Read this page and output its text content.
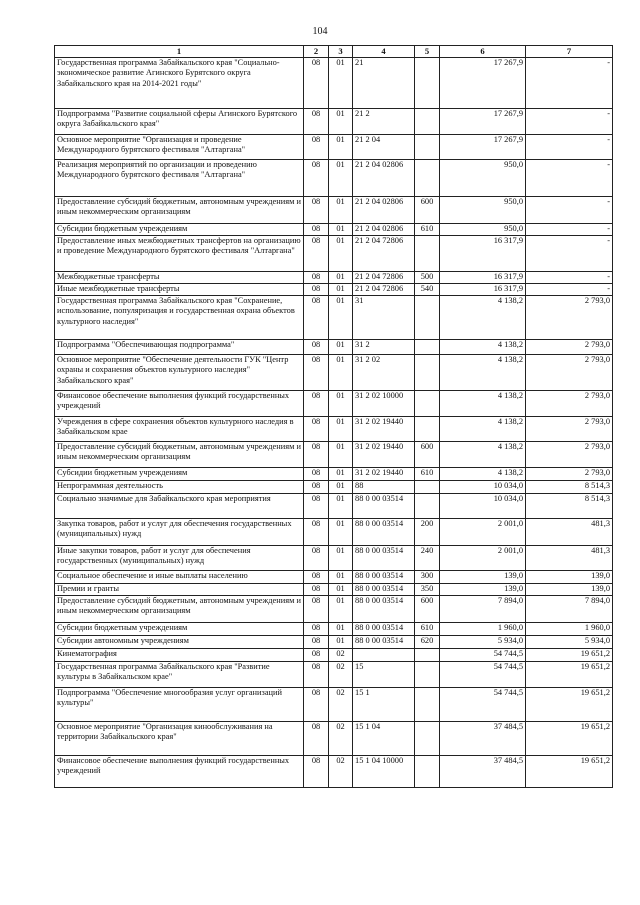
104
1	2	3	4	5	6	7
Государственная программа Забайкальского края "Социально-экономическое развитие Агинского Бурятского округа Забайкальского края на 2014-2021 годы"	08	01	21		17 267,9	-
Подпрограмма "Развитие социальной сферы Агинского Бурятского округа Забайкальского края"	08	01	21 2		17 267,9	-
Основное мероприятие "Организация и проведение Международного бурятского фестиваля "Алтаргана"	08	01	21 2 04		17 267,9	-
Реализация мероприятий по организации и проведению Международного бурятского фестиваля "Алтаргана"	08	01	21 2 04 02806		950,0	-
Предоставление субсидий бюджетным, автономным учреждениям и иным некоммерческим организациям	08	01	21 2 04 02806	600	950,0	-
Субсидии бюджетным учреждениям	08	01	21 2 04 02806	610	950,0	-
Предоставление иных межбюджетных трансфертов на организацию и проведение Международного бурятского фестиваля "Алтаргана"	08	01	21 2 04 72806		16 317,9	-
Межбюджетные трансферты	08	01	21 2 04 72806	500	16 317,9	-
Иные межбюджетные трансферты	08	01	21 2 04 72806	540	16 317,9	-
Государственная программа Забайкальского края "Сохранение, использование, популяризация и государственная охрана объектов культурного наследия"	08	01	31		4 138,2	2 793,0
Подпрограмма "Обеспечивающая подпрограмма"	08	01	31 2		4 138,2	2 793,0
Основное мероприятие "Обеспечение деятельности ГУК "Центр охраны и сохранения объектов культурного наследия" Забайкальского края"	08	01	31 2 02		4 138,2	2 793,0
Финансовое обеспечение выполнения функций государственных учреждений	08	01	31 2 02 10000		4 138,2	2 793,0
Учреждения в сфере сохранения объектов культурного наследия в Забайкальском крае	08	01	31 2 02 19440		4 138,2	2 793,0
Предоставление субсидий бюджетным, автономным учреждениям и иным некоммерческим организациям	08	01	31 2 02 19440	600	4 138,2	2 793,0
Субсидии бюджетным учреждениям	08	01	31 2 02 19440	610	4 138,2	2 793,0
Непрограммная деятельность	08	01	88		10 034,0	8 514,3
Социально значимые для Забайкальского края мероприятия	08	01	88 0 00 03514		10 034,0	8 514,3
Закупка товаров, работ и услуг для обеспечения государственных (муниципальных) нужд	08	01	88 0 00 03514	200	2 001,0	481,3
Иные закупки товаров, работ и услуг для обеспечения государственных (муниципальных) нужд	08	01	88 0 00 03514	240	2 001,0	481,3
Социальное обеспечение и иные выплаты населению	08	01	88 0 00 03514	300	139,0	139,0
Премии и гранты	08	01	88 0 00 03514	350	139,0	139,0
Предоставление субсидий бюджетным, автономным учреждениям и иным некоммерческим организациям	08	01	88 0 00 03514	600	7 894,0	7 894,0
Субсидии бюджетным учреждениям	08	01	88 0 00 03514	610	1 960,0	1 960,0
Субсидии автономным учреждениям	08	01	88 0 00 03514	620	5 934,0	5 934,0
Кинематография	08	02			54 744,5	19 651,2
Государственная программа Забайкальского края "Развитие культуры в Забайкальском крае"	08	02	15		54 744,5	19 651,2
Подпрограмма "Обеспечение многообразия услуг организаций культуры"	08	02	15 1		54 744,5	19 651,2
Основное мероприятие "Организация кинообслуживания на территории Забайкальского края"	08	02	15 1 04		37 484,5	19 651,2
Финансовое обеспечение выполнения функций государственных учреждений	08	02	15 1 04 10000		37 484,5	19 651,2
